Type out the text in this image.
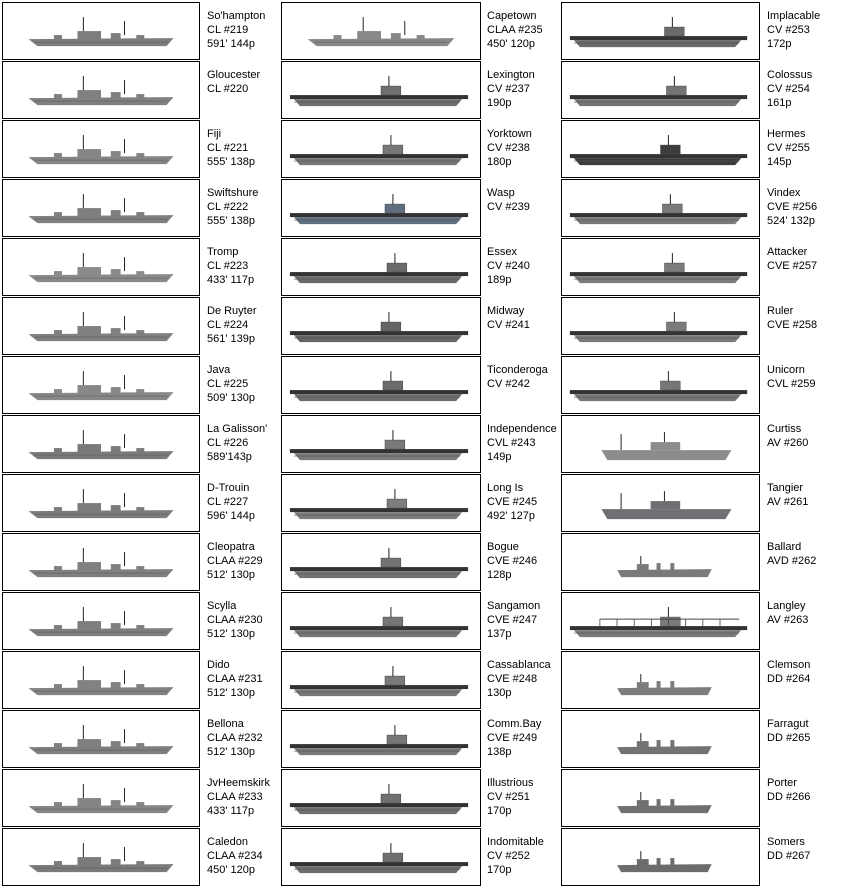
So'hampton
CL #219
591' 144p
Gloucester
CL #220
Fiji
CL #221
555' 138p
Swiftshure
CL #222
555' 138p
Tromp
CL #223
433' 117p
De Ruyter
CL #224
561' 139p
Java
CL #225
509' 130p
La Galisson'
CL #226
589'143p
D-Trouin
CL #227
596' 144p
Cleopatra
CLAA #229
512' 130p
Scylla
CLAA #230
512' 130p
Dido
CLAA #231
512' 130p
Bellona
CLAA #232
512' 130p
JvHeemskirk
CLAA #233
433' 117p
Caledon
CLAA #234
450' 120p
Capetown
CLAA #235
450' 120p
Lexington
CV #237
190p
Yorktown
CV #238
180p
Wasp
CV #239
Essex
CV #240
189p
Midway
CV #241
Ticonderoga
CV #242
Independence
CVL #243
149p
Long Is
CVE #245
492' 127p
Bogue
CVE #246
128p
Sangamon
CVE #247
137p
Cassablanca
CVE #248
130p
Comm.Bay
CVE #249
138p
Illustrious
CV #251
170p
Indomitable
CV #252
170p
Implacable
CV #253
172p
Colossus
CV #254
161p
Hermes
CV #255
145p
Vindex
CVE #256
524' 132p
Attacker
CVE #257
Ruler
CVE #258
Unicorn
CVL #259
Curtiss
AV #260
Tangier
AV #261
Ballard
AVD #262
Langley
AV #263
Clemson
DD #264
Farragut
DD #265
Porter
DD #266
Somers
DD #267
